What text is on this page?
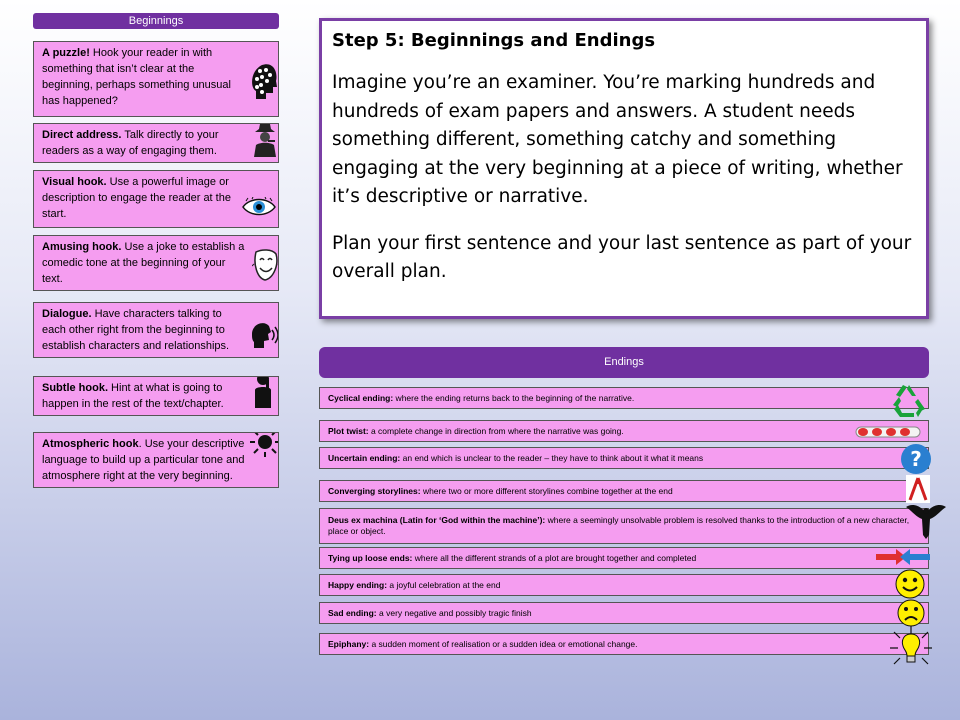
Beginnings
A puzzle! Hook your reader in with something that isn’t clear at the beginning, perhaps something unusual has happened?
Direct address. Talk directly to your readers as a way of engaging them.
Visual hook. Use a powerful image or description to engage the reader at the start.
Amusing hook. Use a joke to establish a comedic tone at the beginning of your text.
Dialogue. Have characters talking to each other right from the beginning to establish characters and relationships.
Subtle hook. Hint at what is going to happen in the rest of the text/chapter.
Atmospheric hook. Use your descriptive language to build up a particular tone and atmosphere right at the very beginning.
Step 5: Beginnings and Endings

Imagine you’re an examiner. You’re marking hundreds and hundreds of exam papers and answers. A student needs something different, something catchy and something engaging at the very beginning at a piece of writing, whether it’s descriptive or narrative.

Plan your first sentence and your last sentence as part of your overall plan.

Endings
Cyclical ending: where the ending returns back to the beginning of the narrative.
Plot twist: a complete change in direction from where the narrative was going.
Uncertain ending: an end which is unclear to the reader – they have to think about it what it means
Converging storylines: where two or more different storylines combine together at the end
Deus ex machina (Latin for ‘God within the machine’): where a seemingly unsolvable problem is resolved thanks to the introduction of a new character, place or object.
Tying up loose ends: where all the different strands of a plot are brought together and completed
Happy ending: a joyful celebration at the end
Sad ending: a very negative and possibly tragic finish
Epiphany: a sudden moment of realisation or a sudden idea or emotional change.
?
